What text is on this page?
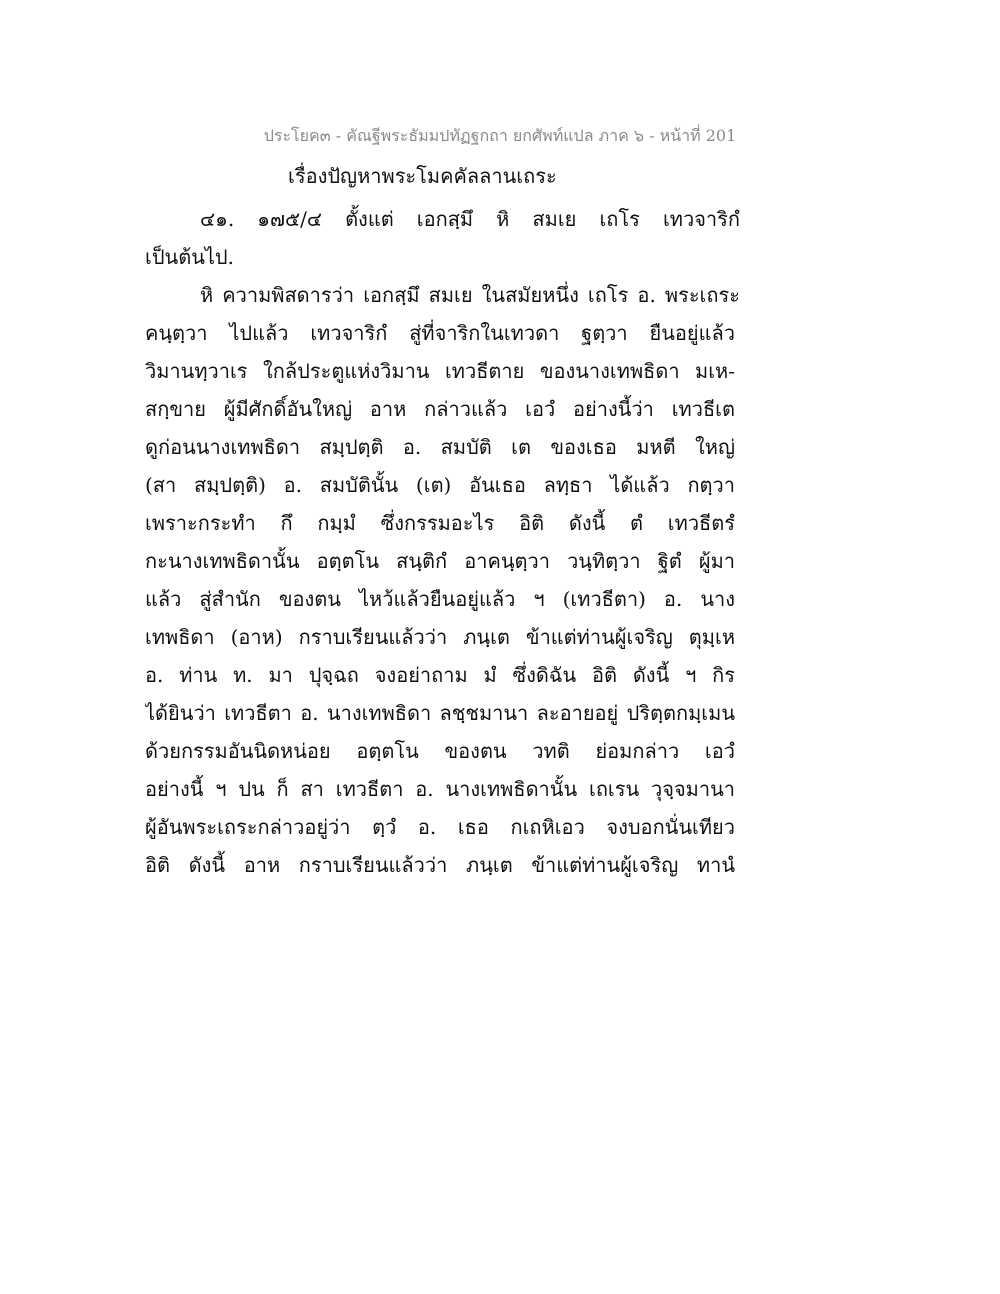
ประโยค๓ - คัณฐีพระธัมมปทัฏฐกถา ยกศัพท์แปล ภาค ๖ - หน้าที่ 201
เรื่องปัญหาพระโมคคัลลานเถระ
๔๑. ๑๗๕/๔ ตั้งแต่ เอกสฺมึ หิ สมเย เถโร เทวจาริกํ
เป็นต้นไป.
หิ ความพิสดารว่า เอกสฺมึ สมเย ในสมัยหนึ่ง เถโร อ. พระเถระ
คนฺตฺวา ไปแล้ว เทวจาริกํ สู่ที่จาริกในเทวดา ฐตฺวา ยืนอยู่แล้ว
วิมานทฺวาเร ใกล้ประตูแห่งวิมาน เทวธีตาย ของนางเทพธิดา มเห-
สกฺขาย ผู้มีศักดิ์อันใหญ่ อาห กล่าวแล้ว เอวํ อย่างนี้ว่า เทวธีเต
ดูก่อนนางเทพธิดา สมฺปตฺติ อ. สมบัติ เต ของเธอ มหตี ใหญ่
(สา สมฺปตฺติ) อ. สมบัตินั้น (เต) อันเธอ ลทฺธา ได้แล้ว กตฺวา
เพราะกระทำ กึ กมฺมํ ซึ่งกรรมอะไร อิติ ดังนี้ ตํ เทวธีตรํ
กะนางเทพธิดานั้น อตฺตโน สนฺติกํ อาคนฺตฺวา วนฺทิตฺวา ฐิตํ ผู้มา
แล้ว สู่สำนัก ของตน ไหว้แล้วยืนอยู่แล้ว ฯ (เทวธีตา) อ. นาง
เทพธิดา (อาห) กราบเรียนแล้วว่า ภนฺเต ข้าแต่ท่านผู้เจริญ ตุมฺเห
อ. ท่าน ท. มา ปุจฺฉถ จงอย่าถาม มํ ซึ่งดิฉัน อิติ ดังนี้ ฯ กิร
ได้ยินว่า เทวธีตา อ. นางเทพธิดา ลชฺชมานา ละอายอยู่ ปริตฺตกมฺเมน
ด้วยกรรมอันนิดหน่อย อตฺตโน ของตน วทติ ย่อมกล่าว เอวํ
อย่างนี้ ฯ ปน ก็ สา เทวธีตา อ. นางเทพธิดานั้น เถเรน วุจฺจมานา
ผู้อันพระเถระกล่าวอยู่ว่า ตฺวํ อ. เธอ กเถหิเอว จงบอกนั่นเทียว
อิติ ดังนี้ อาห กราบเรียนแล้วว่า ภนฺเต ข้าแต่ท่านผู้เจริญ ทานํ
